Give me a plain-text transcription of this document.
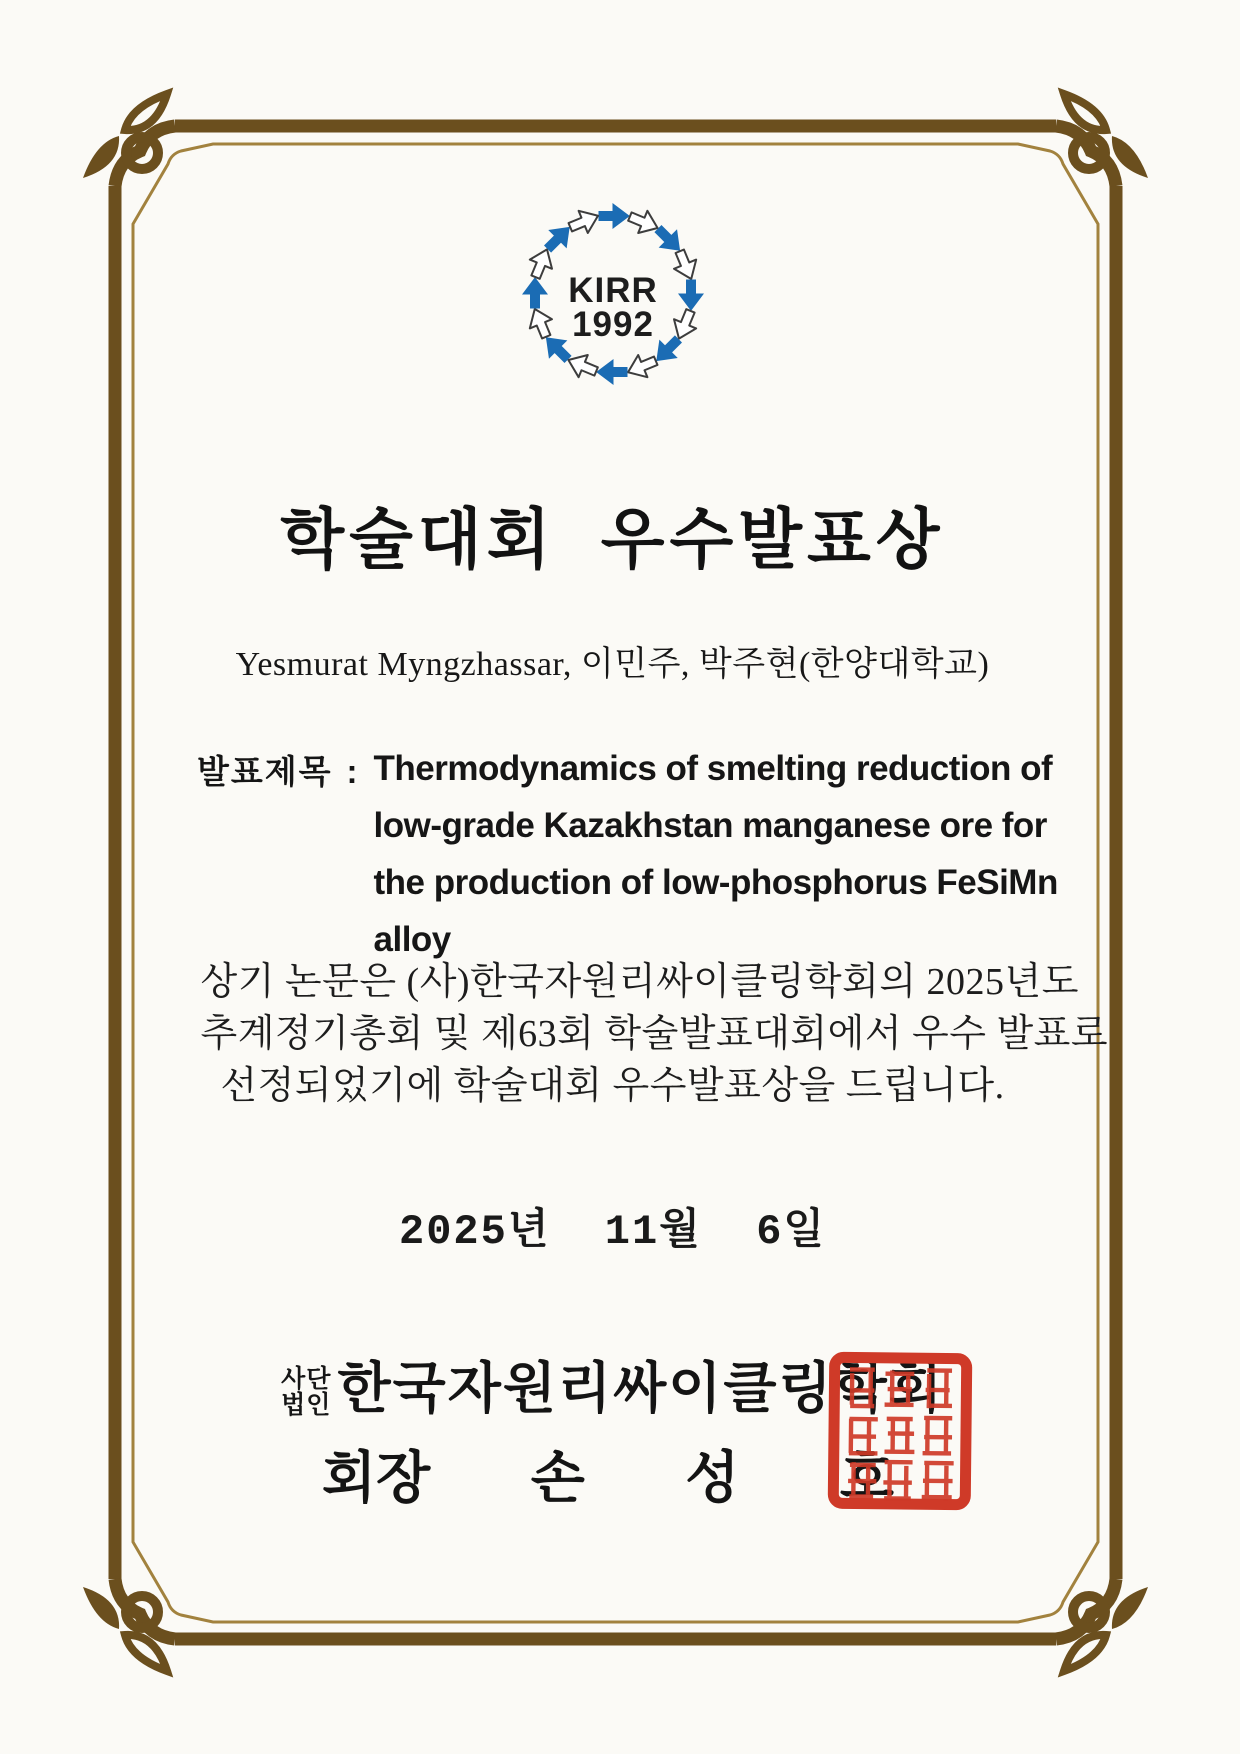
KIRR
1992
학술대회 우수발표상
Yesmurat Myngzhassar, 이민주, 박주현(한양대학교)
발표제목 : Thermodynamics of smelting reduction of
low-grade Kazakhstan manganese ore for
the production of low-phosphorus FeSiMn
alloy
상기 논문은 (사)한국자원리싸이클링학회의 2025년도
추계정기총회 및 제63회 학술발표대회에서 우수 발표로
선정되었기에 학술대회 우수발표상을 드립니다.
2025년  11월  6일
사단
법인 한국자원리싸이클링학회
회장 손 성 호
